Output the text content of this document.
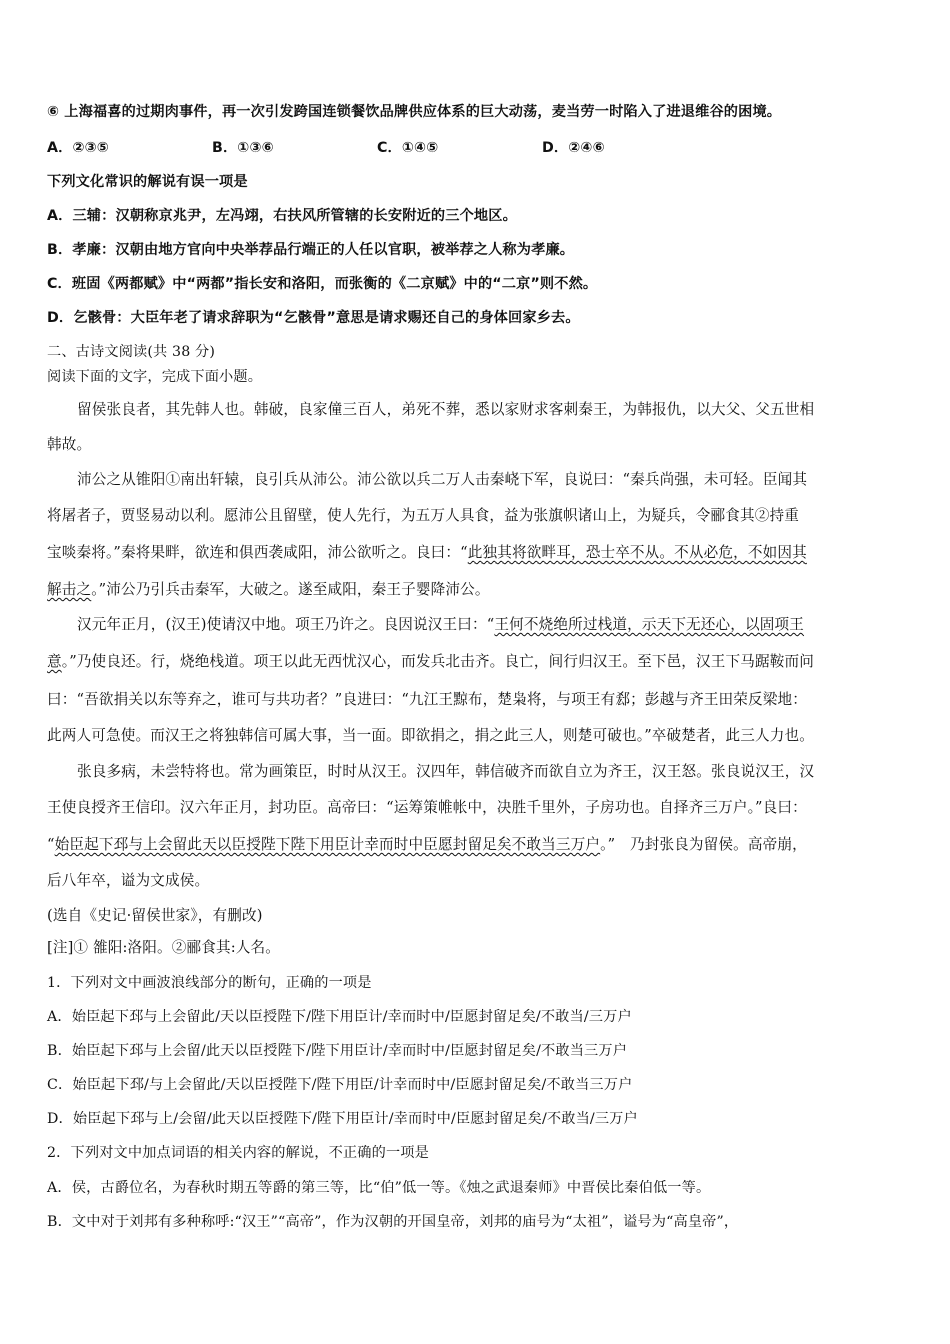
⑥ 上海福喜的过期肉事件，再一次引发跨国连锁餐饮品牌供应体系的巨大动荡，麦当劳一时陷入了进退维谷的困境。
A．②③⑤	B．①③⑥	C．①④⑤	D．②④⑥
下列文化常识的解说有误一项是
A．三辅：汉朝称京兆尹，左冯翊，右扶风所管辖的长安附近的三个地区。
B．孝廉：汉朝由地方官向中央举荐品行端正的人任以官职，被举荐之人称为孝廉。
C．班固《两都赋》中“两都”指长安和洛阳，而张衡的《二京赋》中的“二京”则不然。
D．乞骸骨：大臣年老了请求辞职为“乞骸骨”意思是请求赐还自己的身体回家乡去。
二、古诗文阅读(共 38 分)
阅读下面的文字，完成下面小题。
留侯张良者，其先韩人也。韩破，良家僮三百人，弟死不葬，悉以家财求客刺秦王，为韩报仇，以大父、父五世相
韩故。
沛公之从锥阳①南出轩辕，良引兵从沛公。沛公欲以兵二万人击秦峣下军，良说曰：“秦兵尚强，未可轻。臣闻其
将屠者子，贾竖易动以利。愿沛公且留壁，使人先行，为五万人具食，益为张旗帜诸山上，为疑兵，令郦食其②持重
宝啖秦将。”秦将果畔，欲连和俱西袭咸阳，沛公欲听之。良曰：“此独其将欲畔耳，恐士卒不从。不从必危，不如因其
解击之。”沛公乃引兵击秦军，大破之。遂至咸阳，秦王子婴降沛公。
汉元年正月，(汉王)使请汉中地。项王乃许之。良因说汉王曰：“王何不烧绝所过栈道，示天下无还心，以固项王
意。”乃使良还。行，烧绝栈道。项王以此无西忧汉心，而发兵北击齐。良亡，间行归汉王。至下邑，汉王下马踞鞍而问
曰：“吾欲捐关以东等弃之，谁可与共功者？”良进曰：“九江王黥布，楚枭将，与项王有郄；彭越与齐王田荣反梁地：
此两人可急使。而汉王之将独韩信可属大事，当一面。即欲捐之，捐之此三人，则楚可破也。”卒破楚者，此三人力也。
张良多病，未尝特将也。常为画策臣，时时从汉王。汉四年，韩信破齐而欲自立为齐王，汉王怒。张良说汉王，汉
王使良授齐王信印。汉六年正月，封功臣。高帝曰：“运筹策帷帐中，决胜千里外，子房功也。自择齐三万户。”良曰：
“始臣起下邳与上会留此天以臣授陛下陛下用臣计幸而时中臣愿封留足矣不敢当三万户。”　乃封张良为留侯。高帝崩，
后八年卒，谥为文成侯。
(选自《史记·留侯世家》，有删改)
[注]① 雒阳:洛阳。②郦食其:人名。
1．下列对文中画波浪线部分的断句，正确的一项是
A．始臣起下邳与上会留此/天以臣授陛下/陛下用臣计/幸而时中/臣愿封留足矣/不敢当/三万户
B．始臣起下邳与上会留/此天以臣授陛下/陛下用臣计/幸而时中/臣愿封留足矣/不敢当三万户
C．始臣起下邳/与上会留此/天以臣授陛下/陛下用臣/计幸而时中/臣愿封留足矣/不敢当三万户
D．始臣起下邳与上/会留/此天以臣授陛下/陛下用臣计/幸而时中/臣愿封留足矣/不敢当/三万户
2．下列对文中加点词语的相关内容的解说，不正确的一项是
A．侯，古爵位名，为春秋时期五等爵的第三等，比“伯”低一等。《烛之武退秦师》中晋侯比秦伯低一等。
B．文中对于刘邦有多种称呼:“汉王”“高帝”，作为汉朝的开国皇帝，刘邦的庙号为“太祖”，谥号为“高皇帝”，
